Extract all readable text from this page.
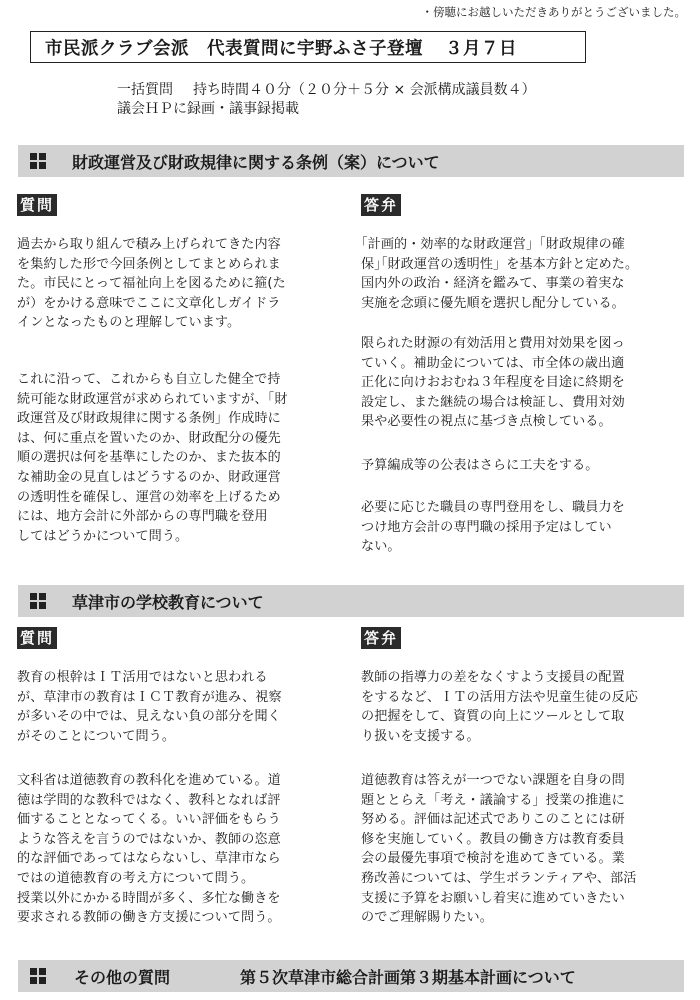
・傍聴にお越しいただきありがとうございました。
市民派クラブ会派　代表質問に宇野ふさ子登壇 ３月７日
一括質問 持ち時間４０分（２０分＋５分 × 会派構成議員数４）
議会ＨＰに録画・議事録掲載
財政運営及び財政規律に関する条例（案）について
質問	答弁

過去から取り組んで積み上げられてきた内容
を集約した形で今回条例としてまとめられま
た。市民にとって福祉向上を図るために箍(た
が）をかける意味でここに文章化しガイドラ
インとなったものと理解しています。

これに沿って、これからも自立した健全で持
続可能な財政運営が求められていますが、｢財
政運営及び財政規律に関する条例」作成時に
は、何に重点を置いたのか、財政配分の優先
順の選択は何を基準にしたのか、また抜本的
な補助金の見直しはどうするのか、財政運営
の透明性を確保し、運営の効率を上げるため
には、地方会計に外部からの専門職を登用
してはどうかについて問う。

｢計画的・効率的な財政運営」｢財政規律の確
保｣｢財政運営の透明性」を基本方針と定めた。
国内外の政治・経済を鑑みて、事業の着実な
実施を念頭に優先順を選択し配分している。

限られた財源の有効活用と費用対効果を図っ
ていく。補助金については、市全体の歳出適
正化に向けおおむね３年程度を目途に終期を
設定し、また継続の場合は検証し、費用対効
果や必要性の視点に基づき点検している。

予算編成等の公表はさらに工夫をする。

必要に応じた職員の専門登用をし、職員力を
つけ地方会計の専門職の採用予定はしてい
ない。

草津市の学校教育について
質問	答弁

教育の根幹はＩＴ活用ではないと思われる
が、草津市の教育はＩＣＴ教育が進み、視察
が多いその中では、見えない負の部分を聞く
がそのことについて問う。

文科省は道徳教育の教科化を進めている。道
徳は学問的な教科ではなく、教科となれば評
価することとなってくる。いい評価をもらう
ような答えを言うのではないか、教師の恣意
的な評価であってはならないし、草津市なら
ではの道徳教育の考え方について問う。
授業以外にかかる時間が多く、多忙な働きを
要求される教師の働き方支援について問う。

教師の指導力の差をなくすよう支援員の配置
をするなど、ＩＴの活用方法や児童生徒の反応
の把握をして、資質の向上にツールとして取
り扱いを支援する。

道徳教育は答えが一つでない課題を自身の問
題ととらえ「考え・議論する」授業の推進に
努める。評価は記述式でありこのことには研
修を実施していく。教員の働き方は教育委員
会の最優先事項で検討を進めてきている。業
務改善については、学生ボランティアや、部活
支援に予算をお願いし着実に進めていきたい
のでご理解賜りたい。

その他の質問	第５次草津市総合計画第３期基本計画について
